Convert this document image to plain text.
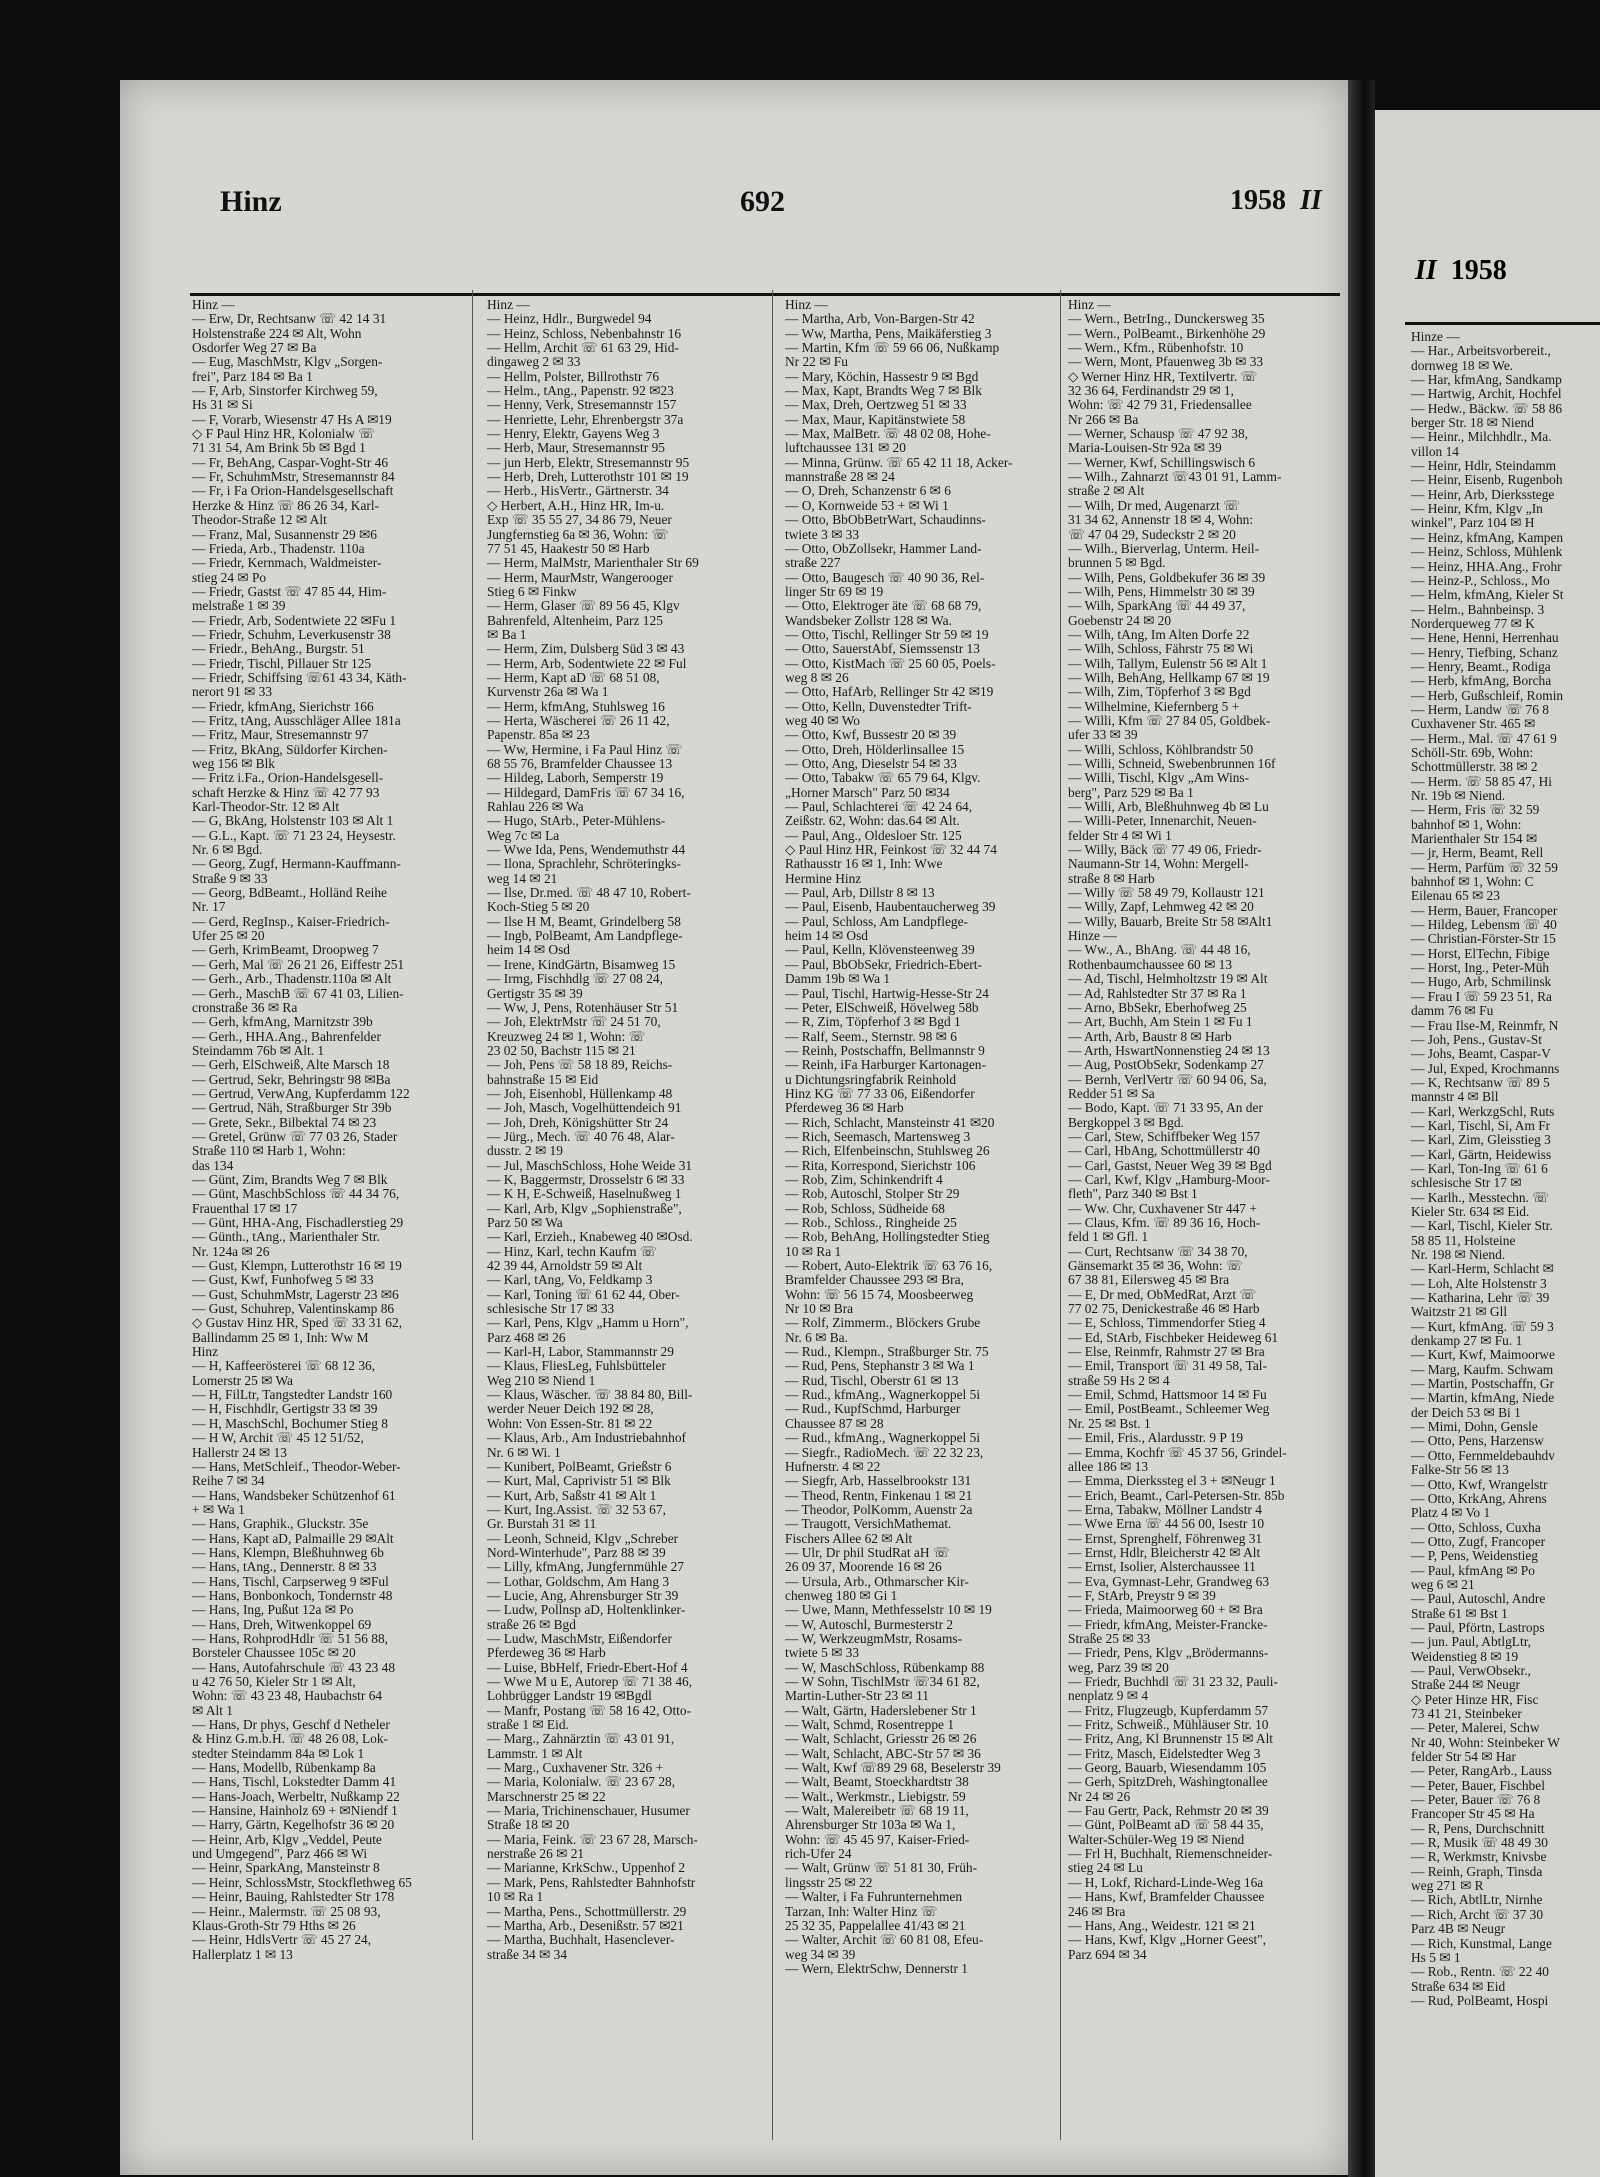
Hinz	692	1958 II
Hinz —
— Erw, Dr, Rechtsanw ☏ 42 14 31
Holstenstraße 224 ✉ Alt, Wohn
Osdorfer Weg 27 ✉ Ba
— Eug, MaschMstr, Klgv „Sorgen-
frei", Parz 184 ✉ Ba 1
— F, Arb, Sinstorfer Kirchweg 59,
Hs 31 ✉ Si
— F, Vorarb, Wiesenstr 47 Hs A ✉19
◇ F Paul Hinz HR, Kolonialw ☏
71 31 54, Am Brink 5b ✉ Bgd 1
— Fr, BehAng, Caspar-Voght-Str 46
— Fr, SchuhmMstr, Stresemannstr 84
— Fr, i Fa Orion-Handelsgesellschaft
Herzke & Hinz ☏ 86 26 34, Karl-
Theodor-Straße 12 ✉ Alt
— Franz, Mal, Susannenstr 29 ✉6
— Frieda, Arb., Thadenstr. 110a
— Friedr, Kernmach, Waldmeister-
stieg 24 ✉ Po
— Friedr, Gastst ☏ 47 85 44, Him-
melstraße 1 ✉ 39
— Friedr, Arb, Sodentwiete 22 ✉Fu 1
— Friedr, Schuhm, Leverkusenstr 38
— Friedr., BehAng., Burgstr. 51
— Friedr, Tischl, Pillauer Str 125
— Friedr, Schiffsing ☏61 43 34, Käth-
nerort 91 ✉ 33
— Friedr, kfmAng, Sierichstr 166
— Fritz, tAng, Ausschläger Allee 181a
— Fritz, Maur, Stresemannstr 97
— Fritz, BkAng, Süldorfer Kirchen-
weg 156 ✉ Blk
— Fritz i.Fa., Orion-Handelsgesell-
schaft Herzke & Hinz ☏ 42 77 93
Karl-Theodor-Str. 12 ✉ Alt
— G, BkAng, Holstenstr 103 ✉ Alt 1
— G.L., Kapt. ☏ 71 23 24, Heysestr.
Nr. 6 ✉ Bgd.
— Georg, Zugf, Hermann-Kauffmann-
Straße 9 ✉ 33
— Georg, BdBeamt., Holländ Reihe
Nr. 17
— Gerd, RegInsp., Kaiser-Friedrich-
Ufer 25 ✉ 20
— Gerh, KrimBeamt, Droopweg 7
— Gerh, Mal ☏ 26 21 26, Eiffestr 251
— Gerh., Arb., Thadenstr.110a ✉ Alt
— Gerh., MaschB ☏ 67 41 03, Lilien-
cronstraße 36 ✉ Ra
— Gerh, kfmAng, Marnitzstr 39b
— Gerh., HHA.Ang., Bahrenfelder
Steindamm 76b ✉ Alt. 1
— Gerh, ElSchweiß, Alte Marsch 18
— Gertrud, Sekr, Behringstr 98 ✉Ba
— Gertrud, VerwAng, Kupferdamm 122
— Gertrud, Näh, Straßburger Str 39b
— Grete, Sekr., Bilbektal 74 ✉ 23
— Gretel, Grünw ☏ 77 03 26, Stader
Straße 110 ✉ Harb 1, Wohn:
das 134
— Günt, Zim, Brandts Weg 7 ✉ Blk
— Günt, MaschbSchloss ☏ 44 34 76,
Frauenthal 17 ✉ 17
— Günt, HHA-Ang, Fischadlerstieg 29
— Günth., tAng., Marienthaler Str.
Nr. 124a ✉ 26
— Gust, Klempn, Lutterothstr 16 ✉ 19
— Gust, Kwf, Funhofweg 5 ✉ 33
— Gust, SchuhmMstr, Lagerstr 23 ✉6
— Gust, Schuhrep, Valentinskamp 86
◇ Gustav Hinz HR, Sped ☏ 33 31 62,
Ballindamm 25 ✉ 1, Inh: Ww M
Hinz
— H, Kaffeerösterei ☏ 68 12 36,
Lomerstr 25 ✉ Wa
— H, FilLtr, Tangstedter Landstr 160
— H, Fischhdlr, Gertigstr 33 ✉ 39
— H, MaschSchl, Bochumer Stieg 8
— H W, Archit ☏ 45 12 51/52,
Hallerstr 24 ✉ 13
— Hans, MetSchleif., Theodor-Weber-
Reihe 7 ✉ 34
— Hans, Wandsbeker Schützenhof 61
+ ✉ Wa 1
— Hans, Graphik., Gluckstr. 35e
— Hans, Kapt aD, Palmaille 29 ✉Alt
— Hans, Klempn, Bleßhuhnweg 6b
— Hans, tAng., Dennerstr. 8 ✉ 33
— Hans, Tischl, Carpserweg 9 ✉Ful
— Hans, Bonbonkoch, Tondernstr 48
— Hans, Ing, Pußut 12a ✉ Po
— Hans, Dreh, Witwenkoppel 69
— Hans, RohprodHdlr ☏ 51 56 88,
Borsteler Chaussee 105c ✉ 20
— Hans, Autofahrschule ☏ 43 23 48
u 42 76 50, Kieler Str 1 ✉ Alt,
Wohn: ☏ 43 23 48, Haubachstr 64
✉ Alt 1
— Hans, Dr phys, Geschf d Netheler
& Hinz G.m.b.H. ☏ 48 26 08, Lok-
stedter Steindamm 84a ✉ Lok 1
— Hans, Modellb, Rübenkamp 8a
— Hans, Tischl, Lokstedter Damm 41
— Hans-Joach, Werbeltr, Nußkamp 22
— Hansine, Hainholz 69 + ✉Niendf 1
— Harry, Gärtn, Kegelhofstr 36 ✉ 20
— Heinr, Arb, Klgv „Veddel, Peute
und Umgegend", Parz 466 ✉ Wi
— Heinr, SparkAng, Mansteinstr 8
— Heinr, SchlossMstr, Stockflethweg 65
— Heinr, Bauing, Rahlstedter Str 178
— Heinr., Malermstr. ☏ 25 08 93,
Klaus-Groth-Str 79 Hths ✉ 26
— Heinr, HdlsVertr ☏ 45 27 24,
Hallerplatz 1 ✉ 13
Hinz —
— Heinz, Hdlr., Burgwedel 94
— Heinz, Schloss, Nebenbahnstr 16
— Hellm, Archit ☏ 61 63 29, Hid-
dingaweg 2 ✉ 33
— Hellm, Polster, Billrothstr 76
— Helm., tAng., Papenstr. 92 ✉23
— Henny, Verk, Stresemannstr 157
— Henriette, Lehr, Ehrenbergstr 37a
— Henry, Elektr, Gayens Weg 3
— Herb, Maur, Stresemannstr 95
— jun Herb, Elektr, Stresemannstr 95
— Herb, Dreh, Lutterothstr 101 ✉ 19
— Herb., HisVertr., Gärtnerstr. 34
◇ Herbert, A.H., Hinz HR, Im-u.
Exp ☏ 35 55 27, 34 86 79, Neuer
Jungfernstieg 6a ✉ 36, Wohn: ☏
77 51 45, Haakestr 50 ✉ Harb
— Herm, MalMstr, Marienthaler Str 69
— Herm, MaurMstr, Wangerooger
Stieg 6 ✉ Finkw
— Herm, Glaser ☏ 89 56 45, Klgv
Bahrenfeld, Altenheim, Parz 125
✉ Ba 1
— Herm, Zim, Dulsberg Süd 3 ✉ 43
— Herm, Arb, Sodentwiete 22 ✉ Ful
— Herm, Kapt aD ☏ 68 51 08,
Kurvenstr 26a ✉ Wa 1
— Herm, kfmAng, Stuhlsweg 16
— Herta, Wäscherei ☏ 26 11 42,
Papenstr. 85a ✉ 23
— Ww, Hermine, i Fa Paul Hinz ☏
68 55 76, Bramfelder Chaussee 13
— Hildeg, Laborh, Semperstr 19
— Hildegard, DamFris ☏ 67 34 16,
Rahlau 226 ✉ Wa
— Hugo, StArb., Peter-Mühlens-
Weg 7c ✉ La
— Wwe Ida, Pens, Wendemuthstr 44
— Ilona, Sprachlehr, Schröteringks-
weg 14 ✉ 21
— Ilse, Dr.med. ☏ 48 47 10, Robert-
Koch-Stieg 5 ✉ 20
— Ilse H M, Beamt, Grindelberg 58
— Ingb, PolBeamt, Am Landpflege-
heim 14 ✉ Osd
— Irene, KindGärtn, Bisamweg 15
— Irmg, Fischhdlg ☏ 27 08 24,
Gertigstr 35 ✉ 39
— Ww, J, Pens, Rotenhäuser Str 51
— Joh, ElektrMstr ☏ 24 51 70,
Kreuzweg 24 ✉ 1, Wohn: ☏
23 02 50, Bachstr 115 ✉ 21
— Joh, Pens ☏ 58 18 89, Reichs-
bahnstraße 15 ✉ Eid
— Joh, Eisenhobl, Hüllenkamp 48
— Joh, Masch, Vogelhüttendeich 91
— Joh, Dreh, Königshütter Str 24
— Jürg., Mech. ☏ 40 76 48, Alar-
dusstr. 2 ✉ 19
— Jul, MaschSchloss, Hohe Weide 31
— K, Baggermstr, Drosselstr 6 ✉ 33
— K H, E-Schweiß, Haselnußweg 1
— Karl, Arb, Klgv „Sophienstraße",
Parz 50 ✉ Wa
— Karl, Erzieh., Knabeweg 40 ✉Osd.
— Hinz, Karl, techn Kaufm ☏
42 39 44, Arnoldstr 59 ✉ Alt
— Karl, tAng, Vo, Feldkamp 3
— Karl, Toning ☏ 61 62 44, Ober-
schlesische Str 17 ✉ 33
— Karl, Pens, Klgv „Hamm u Horn",
Parz 468 ✉ 26
— Karl-H, Labor, Stammannstr 29
— Klaus, FliesLeg, Fuhlsbütteler
Weg 210 ✉ Niend 1
— Klaus, Wäscher. ☏ 38 84 80, Bill-
werder Neuer Deich 192 ✉ 28,
Wohn: Von Essen-Str. 81 ✉ 22
— Klaus, Arb., Am Industriebahnhof
Nr. 6 ✉ Wi. 1
— Kunibert, PolBeamt, Grießstr 6
— Kurt, Mal, Caprivistr 51 ✉ Blk
— Kurt, Arb, Saßstr 41 ✉ Alt 1
— Kurt, Ing.Assist. ☏ 32 53 67,
Gr. Burstah 31 ✉ 11
— Leonh, Schneid, Klgv „Schreber
Nord-Winterhude", Parz 88 ✉ 39
— Lilly, kfmAng, Jungfernmühle 27
— Lothar, Goldschm, Am Hang 3
— Lucie, Ang, Ahrensburger Str 39
— Ludw, Pollnsp aD, Holtenklinker-
straße 26 ✉ Bgd
— Ludw, MaschMstr, Eißendorfer
Pferdeweg 36 ✉ Harb
— Luise, BbHelf, Friedr-Ebert-Hof 4
— Wwe M u E, Autorep ☏ 71 38 46,
Lohbrügger Landstr 19 ✉Bgdl
— Manfr, Postang ☏ 58 16 42, Otto-
straße 1 ✉ Eid.
— Marg., Zahnärztin ☏ 43 01 91,
Lammstr. 1 ✉ Alt
— Marg., Cuxhavener Str. 326 +
— Maria, Kolonialw. ☏ 23 67 28,
Marschnerstr 25 ✉ 22
— Maria, Trichinenschauer, Husumer
Straße 18 ✉ 20
— Maria, Feink. ☏ 23 67 28, Marsch-
nerstraße 26 ✉ 21
— Marianne, KrkSchw., Uppenhof 2
— Mark, Pens, Rahlstedter Bahnhofstr
10 ✉ Ra 1
— Martha, Pens., Schottmüllerstr. 29
— Martha, Arb., Desenißstr. 57 ✉21
— Martha, Buchhalt, Hasenclever-
straße 34 ✉ 34
Hinz —
— Martha, Arb, Von-Bargen-Str 42
— Ww, Martha, Pens, Maikäferstieg 3
— Martin, Kfm ☏ 59 66 06, Nußkamp
Nr 22 ✉ Fu
— Mary, Köchin, Hassestr 9 ✉ Bgd
— Max, Kapt, Brandts Weg 7 ✉ Blk
— Max, Dreh, Oertzweg 51 ✉ 33
— Max, Maur, Kapitänstwiete 58
— Max, MalBetr. ☏ 48 02 08, Hohe-
luftchaussee 131 ✉ 20
— Minna, Grünw. ☏ 65 42 11 18, Acker-
mannstraße 28 ✉ 24
— O, Dreh, Schanzenstr 6 ✉ 6
— O, Kornweide 53 + ✉ Wi 1
— Otto, BbObBetrWart, Schaudinns-
twiete 3 ✉ 33
— Otto, ObZollsekr, Hammer Land-
straße 227
— Otto, Baugesch ☏ 40 90 36, Rel-
linger Str 69 ✉ 19
— Otto, Elektroger äte ☏ 68 68 79,
Wandsbeker Zollstr 128 ✉ Wa.
— Otto, Tischl, Rellinger Str 59 ✉ 19
— Otto, SauerstAbf, Siemssenstr 13
— Otto, KistMach ☏ 25 60 05, Poels-
weg 8 ✉ 26
— Otto, HafArb, Rellinger Str 42 ✉19
— Otto, Kelln, Duvenstedter Trift-
weg 40 ✉ Wo
— Otto, Kwf, Bussestr 20 ✉ 39
— Otto, Dreh, Hölderlinsallee 15
— Otto, Ang, Dieselstr 54 ✉ 33
— Otto, Tabakw ☏ 65 79 64, Klgv.
„Horner Marsch" Parz 50 ✉34
— Paul, Schlachterei ☏ 42 24 64,
Zeißstr. 62, Wohn: das.64 ✉ Alt.
— Paul, Ang., Oldesloer Str. 125
◇ Paul Hinz HR, Feinkost ☏ 32 44 74
Rathausstr 16 ✉ 1, Inh: Wwe
Hermine Hinz
— Paul, Arb, Dillstr 8 ✉ 13
— Paul, Eisenb, Haubentaucherweg 39
— Paul, Schloss, Am Landpflege-
heim 14 ✉ Osd
— Paul, Kelln, Klövensteenweg 39
— Paul, BbObSekr, Friedrich-Ebert-
Damm 19b ✉ Wa 1
— Paul, Tischl, Hartwig-Hesse-Str 24
— Peter, ElSchweiß, Hövelweg 58b
— R, Zim, Töpferhof 3 ✉ Bgd 1
— Ralf, Seem., Sternstr. 98 ✉ 6
— Reinh, Postschaffn, Bellmannstr 9
— Reinh, iFa Harburger Kartonagen-
u Dichtungsringfabrik Reinhold
Hinz KG ☏ 77 33 06, Eißendorfer
Pferdeweg 36 ✉ Harb
— Rich, Schlacht, Mansteinstr 41 ✉20
— Rich, Seemasch, Martensweg 3
— Rich, Elfenbeinschn, Stuhlsweg 26
— Rita, Korrespond, Sierichstr 106
— Rob, Zim, Schinkendrift 4
— Rob, Autoschl, Stolper Str 29
— Rob, Schloss, Südheide 68
— Rob., Schloss., Ringheide 25
— Rob, BehAng, Hollingstedter Stieg
10 ✉ Ra 1
— Robert, Auto-Elektrik ☏ 63 76 16,
Bramfelder Chaussee 293 ✉ Bra,
Wohn: ☏ 56 15 74, Moosbeerweg
Nr 10 ✉ Bra
— Rolf, Zimmerm., Blöckers Grube
Nr. 6 ✉ Ba.
— Rud., Klempn., Straßburger Str. 75
— Rud, Pens, Stephanstr 3 ✉ Wa 1
— Rud, Tischl, Oberstr 61 ✉ 13
— Rud., kfmAng., Wagnerkoppel 5i
— Rud., KupfSchmd, Harburger
Chaussee 87 ✉ 28
— Rud., kfmAng., Wagnerkoppel 5i
— Siegfr., RadioMech. ☏ 22 32 23,
Hufnerstr. 4 ✉ 22
— Siegfr, Arb, Hasselbrookstr 131
— Theod, Rentn, Finkenau 1 ✉ 21
— Theodor, PolKomm, Auenstr 2a
— Traugott, VersichMathemat.
Fischers Allee 62 ✉ Alt
— Ulr, Dr phil StudRat aH ☏
26 09 37, Moorende 16 ✉ 26
— Ursula, Arb., Othmarscher Kir-
chenweg 180 ✉ Gi 1
— Uwe, Mann, Methfesselstr 10 ✉ 19
— W, Autoschl, Burmesterstr 2
— W, WerkzeugmMstr, Rosams-
twiete 5 ✉ 33
— W, MaschSchloss, Rübenkamp 88
— W Sohn, TischlMstr ☏34 61 82,
Martin-Luther-Str 23 ✉ 11
— Walt, Gärtn, Haderslebener Str 1
— Walt, Schmd, Rosentreppe 1
— Walt, Schlacht, Griesstr 26 ✉ 26
— Walt, Schlacht, ABC-Str 57 ✉ 36
— Walt, Kwf ☏89 29 68, Beselerstr 39
— Walt, Beamt, Stoeckhardtstr 38
— Walt., Werkmstr., Liebigstr. 59
— Walt, Malereibetr ☏ 68 19 11,
Ahrensburger Str 103a ✉ Wa 1,
Wohn: ☏ 45 45 97, Kaiser-Fried-
rich-Ufer 24
— Walt, Grünw ☏ 51 81 30, Früh-
lingsstr 25 ✉ 22
— Walter, i Fa Fuhrunternehmen
Tarzan, Inh: Walter Hinz ☏
25 32 35, Pappelallee 41/43 ✉ 21
— Walter, Archit ☏ 60 81 08, Efeu-
weg 34 ✉ 39
— Wern, ElektrSchw, Dennerstr 1
Hinz —
— Wern., BetrIng., Dunckersweg 35
— Wern., PolBeamt., Birkenhöhe 29
— Wern., Kfm., Rübenhofstr. 10
— Wern, Mont, Pfauenweg 3b ✉ 33
◇ Werner Hinz HR, Textilvertr. ☏
32 36 64, Ferdinandstr 29 ✉ 1,
Wohn: ☏ 42 79 31, Friedensallee
Nr 266 ✉ Ba
— Werner, Schausp ☏ 47 92 38,
Maria-Louisen-Str 92a ✉ 39
— Werner, Kwf, Schillingswisch 6
— Wilh., Zahnarzt ☏43 01 91, Lamm-
straße 2 ✉ Alt
— Wilh, Dr med, Augenarzt ☏
31 34 62, Annenstr 18 ✉ 4, Wohn:
☏ 47 04 29, Sudeckstr 2 ✉ 20
— Wilh., Bierverlag, Unterm. Heil-
brunnen 5 ✉ Bgd.
— Wilh, Pens, Goldbekufer 36 ✉ 39
— Wilh, Pens, Himmelstr 30 ✉ 39
— Wilh, SparkAng ☏ 44 49 37,
Goebenstr 24 ✉ 20
— Wilh, tAng, Im Alten Dorfe 22
— Wilh, Schloss, Fährstr 75 ✉ Wi
— Wilh, Tallym, Eulenstr 56 ✉ Alt 1
— Wilh, BehAng, Hellkamp 67 ✉ 19
— Wilh, Zim, Töpferhof 3 ✉ Bgd
— Wilhelmine, Kiefernberg 5 +
— Willi, Kfm ☏ 27 84 05, Goldbek-
ufer 33 ✉ 39
— Willi, Schloss, Köhlbrandstr 50
— Willi, Schneid, Swebenbrunnen 16f
— Willi, Tischl, Klgv „Am Wins-
berg", Parz 529 ✉ Ba 1
— Willi, Arb, Bleßhuhnweg 4b ✉ Lu
— Willi-Peter, Innenarchit, Neuen-
felder Str 4 ✉ Wi 1
— Willy, Bäck ☏ 77 49 06, Friedr-
Naumann-Str 14, Wohn: Mergell-
straße 8 ✉ Harb
— Willy ☏ 58 49 79, Kollaustr 121
— Willy, Zapf, Lehmweg 42 ✉ 20
— Willy, Bauarb, Breite Str 58 ✉Alt1
Hinze —
— Ww., A., BhAng. ☏ 44 48 16,
Rothenbaumchaussee 60 ✉ 13
— Ad, Tischl, Helmholtzstr 19 ✉ Alt
— Ad, Rahlstedter Str 37 ✉ Ra 1
— Arno, BbSekr, Eberhofweg 25
— Art, Buchh, Am Stein 1 ✉ Fu 1
— Arth, Arb, Baustr 8 ✉ Harb
— Arth, HswartNonnenstieg 24 ✉ 13
— Aug, PostObSekr, Sodenkamp 27
— Bernh, VerlVertr ☏ 60 94 06, Sa,
Redder 51 ✉ Sa
— Bodo, Kapt. ☏ 71 33 95, An der
Bergkoppel 3 ✉ Bgd.
— Carl, Stew, Schiffbeker Weg 157
— Carl, HbAng, Schottmüllerstr 40
— Carl, Gastst, Neuer Weg 39 ✉ Bgd
— Carl, Kwf, Klgv „Hamburg-Moor-
fleth", Parz 340 ✉ Bst 1
— Ww. Chr, Cuxhavener Str 447 +
— Claus, Kfm. ☏ 89 36 16, Hoch-
feld 1 ✉ Gfl. 1
— Curt, Rechtsanw ☏ 34 38 70,
Gänsemarkt 35 ✉ 36, Wohn: ☏
67 38 81, Eilersweg 45 ✉ Bra
— E, Dr med, ObMedRat, Arzt ☏
77 02 75, Denickestraße 46 ✉ Harb
— E, Schloss, Timmendorfer Stieg 4
— Ed, StArb, Fischbeker Heideweg 61
— Else, Reinmfr, Rahmstr 27 ✉ Bra
— Emil, Transport ☏ 31 49 58, Tal-
straße 59 Hs 2 ✉ 4
— Emil, Schmd, Hattsmoor 14 ✉ Fu
— Emil, PostBeamt., Schleemer Weg
Nr. 25 ✉ Bst. 1
— Emil, Fris., Alardusstr. 9 P 19
— Emma, Kochfr ☏ 45 37 56, Grindel-
allee 186 ✉ 13
— Emma, Dierkssteg el 3 + ✉Neugr 1
— Erich, Beamt., Carl-Petersen-Str. 85b
— Erna, Tabakw, Möllner Landstr 4
— Wwe Erna ☏ 44 56 00, Isestr 10
— Ernst, Sprenghelf, Föhrenweg 31
— Ernst, Hdlr, Bleicherstr 42 ✉ Alt
— Ernst, Isolier, Alsterchaussee 11
— Eva, Gymnast-Lehr, Grandweg 63
— F, StArb, Preystr 9 ✉ 39
— Frieda, Maimoorweg 60 + ✉ Bra
— Friedr, kfmAng, Meister-Francke-
Straße 25 ✉ 33
— Friedr, Pens, Klgv „Brödermanns-
weg, Parz 39 ✉ 20
— Friedr, Buchhdl ☏ 31 23 32, Pauli-
nenplatz 9 ✉ 4
— Fritz, Flugzeugb, Kupferdamm 57
— Fritz, Schweiß., Mühläuser Str. 10
— Fritz, Ang, Kl Brunnenstr 15 ✉ Alt
— Fritz, Masch, Eidelstedter Weg 3
— Georg, Bauarb, Wiesendamm 105
— Gerh, SpitzDreh, Washingtonallee
Nr 24 ✉ 26
— Fau Gertr, Pack, Rehmstr 20 ✉ 39
— Günt, PolBeamt aD ☏ 58 44 35,
Walter-Schüler-Weg 19 ✉ Niend
— Frl H, Buchhalt, Riemenschneider-
stieg 24 ✉ Lu
— H, Lokf, Richard-Linde-Weg 16a
— Hans, Kwf, Bramfelder Chaussee
246 ✉ Bra
— Hans, Ang., Weidestr. 121 ✉ 21
— Hans, Kwf, Klgv „Horner Geest",
Parz 694 ✉ 34
II 1958
Hinze —
— Har., Arbeitsvorbereit.,
dornweg 18 ✉ We.
— Har, kfmAng, Sandkamp
— Hartwig, Archit, Hochfel
— Hedw., Bäckw. ☏ 58 86
berger Str. 18 ✉ Niend
— Heinr., Milchhdlr., Ma.
villon 14
— Heinr, Hdlr, Steindamm
— Heinr, Eisenb, Rugenboh
— Heinr, Arb, Dierksstege
— Heinr, Kfm, Klgv „In
winkel", Parz 104 ✉ H
— Heinz, kfmAng, Kampen
— Heinz, Schloss, Mühlenk
— Heinz, HHA.Ang., Frohr
— Heinz-P., Schloss., Mo
— Helm, kfmAng, Kieler St
— Helm., Bahnbeinsp. 3
Norderqueweg 77 ✉ K
— Hene, Henni, Herrenhau
— Henry, Tiefbing, Schanz
— Henry, Beamt., Rodiga
— Herb, kfmAng, Borcha
— Herb, Gußschleif, Romin
— Herm, Landw ☏ 76 8
Cuxhavener Str. 465 ✉
— Herm., Mal. ☏ 47 61 9
Schöll-Str. 69b, Wohn:
Schottmüllerstr. 38 ✉ 2
— Herm. ☏ 58 85 47, Hi
Nr. 19b ✉ Niend.
— Herm, Fris ☏ 32 59
bahnhof ✉ 1, Wohn:
Marienthaler Str 154 ✉
— jr, Herm, Beamt, Rell
— Herm, Parfüm ☏ 32 59
bahnhof ✉ 1, Wohn: C
Eilenau 65 ✉ 23
— Herm, Bauer, Francoper
— Hildeg, Lebensm ☏ 40
— Christian-Förster-Str 15
— Horst, ElTechn, Fibige
— Horst, Ing., Peter-Müh
— Hugo, Arb, Schmilinsk
— Frau I ☏ 59 23 51, Ra
damm 76 ✉ Fu
— Frau Ilse-M, Reinmfr, N
— Joh, Pens., Gustav-St
— Johs, Beamt, Caspar-V
— Jul, Exped, Krochmanns
— K, Rechtsanw ☏ 89 5
mannstr 4 ✉ Bll
— Karl, WerkzgSchl, Ruts
— Karl, Tischl, Si, Am Fr
— Karl, Zim, Gleisstieg 3
— Karl, Gärtn, Heidewiss
— Karl, Ton-Ing ☏ 61 6
schlesische Str 17 ✉
— Karlh., Messtechn. ☏
Kieler Str. 634 ✉ Eid.
— Karl, Tischl, Kieler Str.
58 85 11, Holsteine
Nr. 198 ✉ Niend.
— Karl-Herm, Schlacht ✉
— Loh, Alte Holstenstr 3
— Katharina, Lehr ☏ 39
Waitzstr 21 ✉ Gll
— Kurt, kfmAng. ☏ 59 3
denkamp 27 ✉ Fu. 1
— Kurt, Kwf, Maimoorwe
— Marg, Kaufm. Schwam
— Martin, Postschaffn, Gr
— Martin, kfmAng, Niede
der Deich 53 ✉ Bi 1
— Mimi, Dohn, Gensle
— Otto, Pens, Harzensw
— Otto, Fernmeldebauhdv
Falke-Str 56 ✉ 13
— Otto, Kwf, Wrangelstr
— Otto, KrkAng, Ahrens
Platz 4 ✉ Vo 1
— Otto, Schloss, Cuxha
— Otto, Zugf, Francoper
— P, Pens, Weidenstieg
— Paul, kfmAng ✉ Po
weg 6 ✉ 21
— Paul, Autoschl, Andre
Straße 61 ✉ Bst 1
— Paul, Pförtn, Lastrops
— jun. Paul, AbtlgLtr,
Weidenstieg 8 ✉ 19
— Paul, VerwObsekr.,
Straße 244 ✉ Neugr
◇ Peter Hinze HR, Fisc
73 41 21, Steinbeker
— Peter, Malerei, Schw
Nr 40, Wohn: Steinbeker W
felder Str 54 ✉ Har
— Peter, RangArb., Lauss
— Peter, Bauer, Fischbel
— Peter, Bauer ☏ 76 8
Francoper Str 45 ✉ Ha
— R, Pens, Durchschnitt
— R, Musik ☏ 48 49 30
— R, Werkmstr, Knivsbe
— Reinh, Graph, Tinsda
weg 271 ✉ R
— Rich, AbtlLtr, Nirnhe
— Rich, Archt ☏ 37 30
Parz 4B ✉ Neugr
— Rich, Kunstmal, Lange
Hs 5 ✉ 1
— Rob., Rentn. ☏ 22 40
Straße 634 ✉ Eid
— Rud, PolBeamt, Hospi
